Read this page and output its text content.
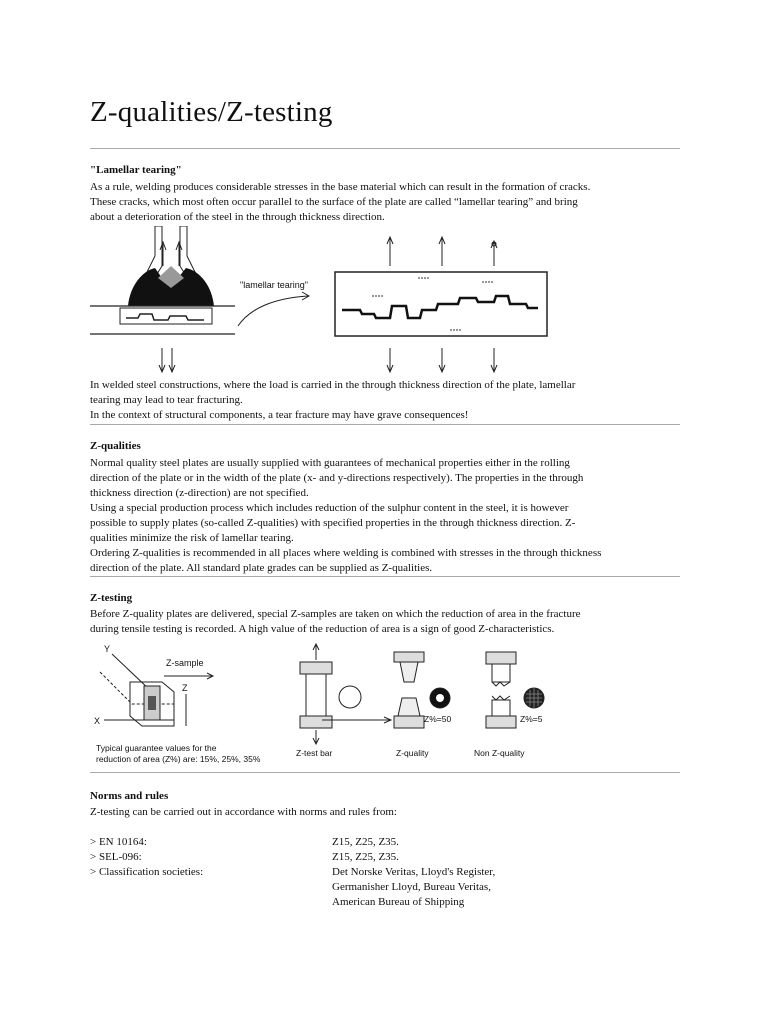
Z-qualities/Z-testing
"Lamellar tearing"

As a rule, welding produces considerable stresses in the base material which can result in the formation of cracks.

These cracks, which most often occur parallel to the surface of the plate are called “lamellar tearing” and bring

about a deterioration of the steel in the through thickness direction.

"lamellar tearing"

In welded steel constructions, where the load is carried in the through thickness direction of the plate, lamellar

tearing may lead to tear fracturing.

In the context of structural components, a tear fracture may have grave consequences!

Z-qualities

Normal quality steel plates are usually supplied with guarantees of mechanical properties either in the rolling

direction of the plate or in the width of the plate (x- and y-directions respectively). The properties in the through

thickness direction (z-direction) are not specified.

Using a special production process which includes reduction of the sulphur content in the steel, it is however

possible to supply plates (so-called Z-qualities) with specified properties in the through thickness direction. Z-

qualities minimize the risk of lamellar tearing.

Ordering Z-qualities is recommended in all places where welding is combined with stresses in the through thickness

direction of the plate. All standard plate grades can be supplied as Z-qualities.

Z-testing

Before Z-quality plates are delivered, special Z-samples are taken on which the reduction of area in the fracture

during tensile testing is recorded. A high value of the reduction of area is a sign of good Z-characteristics.

Y
X
Z-sample
Z
Typical guarantee values for the
reduction of area (Z%) are: 15%, 25%, 35%
Z-test bar
Z%=50
Z-quality
Z%=5
Non Z-quality
Norms and rules
Z-testing can be carried out in accordance with norms and rules from:
> EN 10164:	Z15, Z25, Z35.
> SEL-096:	Z15, Z25, Z35.
> Classification societies:	Det Norske Veritas, Lloyd's Register,
Germanisher Lloyd, Bureau Veritas,
American Bureau of Shipping
